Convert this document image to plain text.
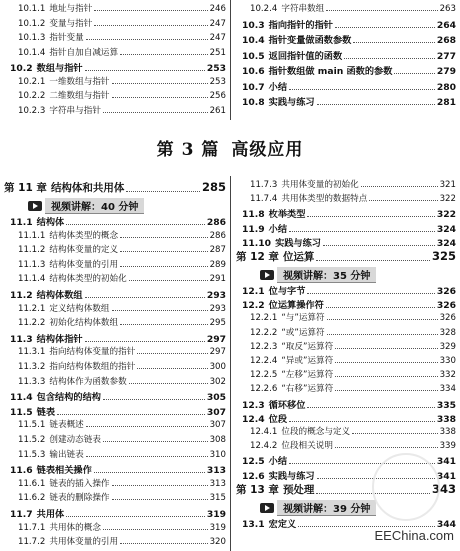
10.1.1 地址与指针	246
10.1.2 变量与指针	247
10.1.3 指针变量	247
10.1.4 指针自加自减运算	251
10.2 数组与指针	253
10.2.1 一维数组与指针	253
10.2.2 二维数组与指针	256
10.2.3 字符串与指针	261
10.2.4 字符串数组	263
10.3 指向指针的指针	264
10.4 指针变量做函数参数	268
10.5 返回指针值的函数	277
10.6 指针数组做 main 函数的参数	279
10.7 小结	280
10.8 实践与练习	281
第 3 篇 高级应用
第 11 章 结构体和共用体	285
视频讲解：40 分钟
11.1 结构体	286
11.1.1 结构体类型的概念	286
11.1.2 结构体变量的定义	287
11.1.3 结构体变量的引用	289
11.1.4 结构体类型的初始化	291
11.2 结构体数组	293
11.2.1 定义结构体数组	293
11.2.2 初始化结构体数组	295
11.3 结构体指针	297
11.3.1 指向结构体变量的指针	297
11.3.2 指向结构体数组的指针	300
11.3.3 结构体作为函数参数	302
11.4 包含结构的结构	305
11.5 链表	307
11.5.1 链表概述	307
11.5.2 创建动态链表	308
11.5.3 输出链表	310
11.6 链表相关操作	313
11.6.1 链表的插入操作	313
11.6.2 链表的删除操作	315
11.7 共用体	319
11.7.1 共用体的概念	319
11.7.2 共用体变量的引用	320
11.7.3 共用体变量的初始化	321
11.7.4 共用体类型的数据特点	322
11.8 枚举类型	322
11.9 小结	324
11.10 实践与练习	324
第 12 章 位运算	325
视频讲解：35 分钟
12.1 位与字节	326
12.2 位运算操作符	326
12.2.1 “与”运算符	326
12.2.2 “或”运算符	328
12.2.3 “取反”运算符	329
12.2.4 “异或”运算符	330
12.2.5 “左移”运算符	332
12.2.6 “右移”运算符	334
12.3 循环移位	335
12.4 位段	338
12.4.1 位段的概念与定义	338
12.4.2 位段相关说明	339
12.5 小结	341
12.6 实践与练习	341
第 13 章 预处理	343
视频讲解：39 分钟
13.1 宏定义	344
EEChina.com
